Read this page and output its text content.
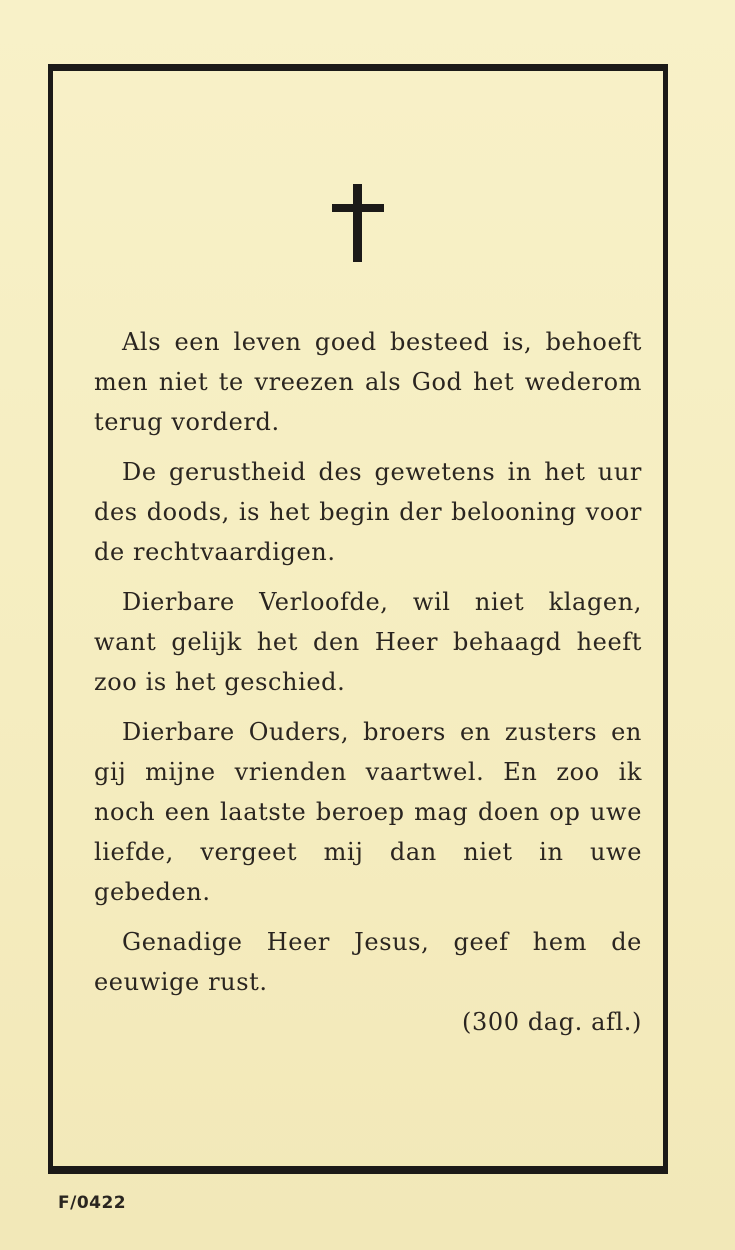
Als een leven goed besteed is, behoeft men niet te vreezen als God het wederom terug vorderd.

De gerustheid des gewetens in het uur des doods, is het begin der belooning voor de rechtvaardigen.

Dierbare Verloofde, wil niet klagen, want gelijk het den Heer behaagd heeft zoo is het geschied.

Dierbare Ouders, broers en zusters en gij mijne vrienden vaartwel. En zoo ik noch een laatste beroep mag doen op uwe liefde, vergeet mij dan niet in uwe gebeden.

Genadige Heer Jesus, geef hem de eeuwige rust.

(300 dag. afl.)
F/0422
